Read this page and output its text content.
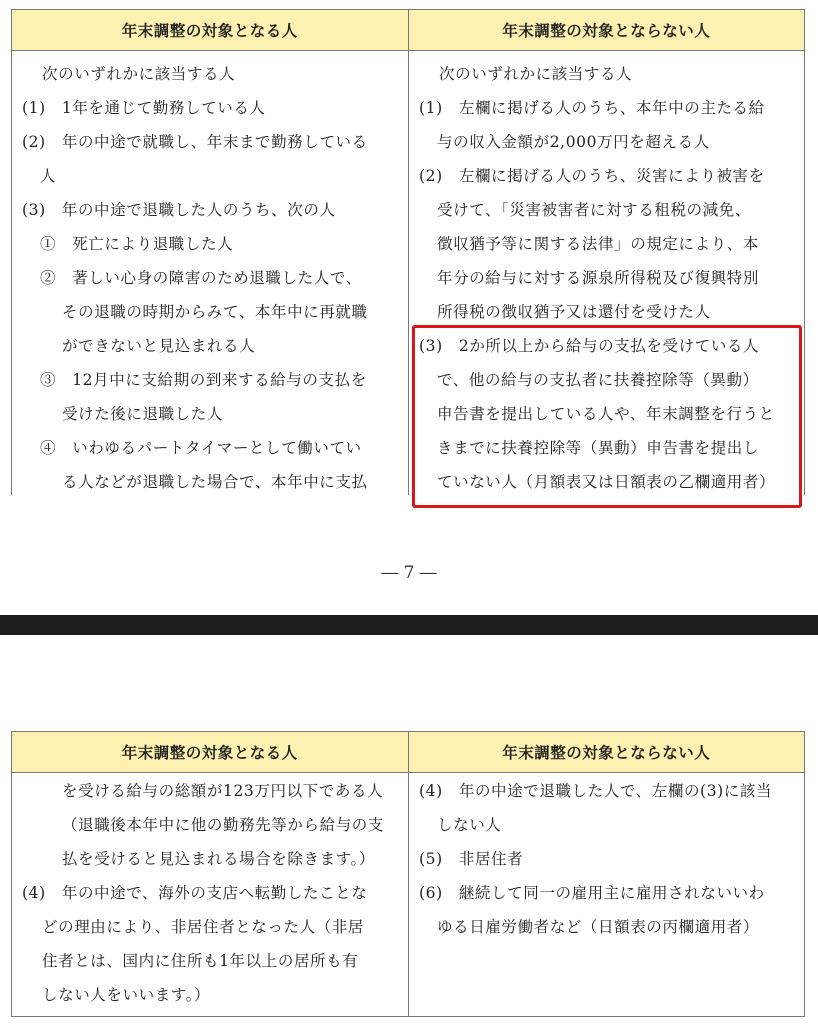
年末調整の対象となる人	年末調整の対象とならない人
次のいずれかに該当する人
(1)　1年を通じて勤務している人
(2)　年の中途で就職し、年末まで勤務している
人
(3)　年の中途で退職した人のうち、次の人
①　死亡により退職した人
②　著しい心身の障害のため退職した人で、
その退職の時期からみて、本年中に再就職
ができないと見込まれる人
③　12月中に支給期の到来する給与の支払を
受けた後に退職した人
④　いわゆるパートタイマーとして働いてい
る人などが退職した場合で、本年中に支払
次のいずれかに該当する人
(1)　左欄に掲げる人のうち、本年中の主たる給
与の収入金額が2,000万円を超える人
(2)　左欄に掲げる人のうち、災害により被害を
受けて、「災害被害者に対する租税の減免、
徴収猶予等に関する法律」の規定により、本
年分の給与に対する源泉所得税及び復興特別
所得税の徴収猶予又は還付を受けた人
(3)　2か所以上から給与の支払を受けている人
で、他の給与の支払者に扶養控除等（異動）
申告書を提出している人や、年末調整を行うと
きまでに扶養控除等（異動）申告書を提出し
ていない人（月額表又は日額表の乙欄適用者）
― 7 ―
年末調整の対象となる人	年末調整の対象とならない人
を受ける給与の総額が123万円以下である人
（退職後本年中に他の勤務先等から給与の支
払を受けると見込まれる場合を除きます。）
(4)　年の中途で、海外の支店へ転勤したことな
どの理由により、非居住者となった人（非居
住者とは、国内に住所も1年以上の居所も有
しない人をいいます。）
(4)　年の中途で退職した人で、左欄の(3)に該当
しない人
(5)　非居住者
(6)　継続して同一の雇用主に雇用されないいわ
ゆる日雇労働者など（日額表の丙欄適用者）
